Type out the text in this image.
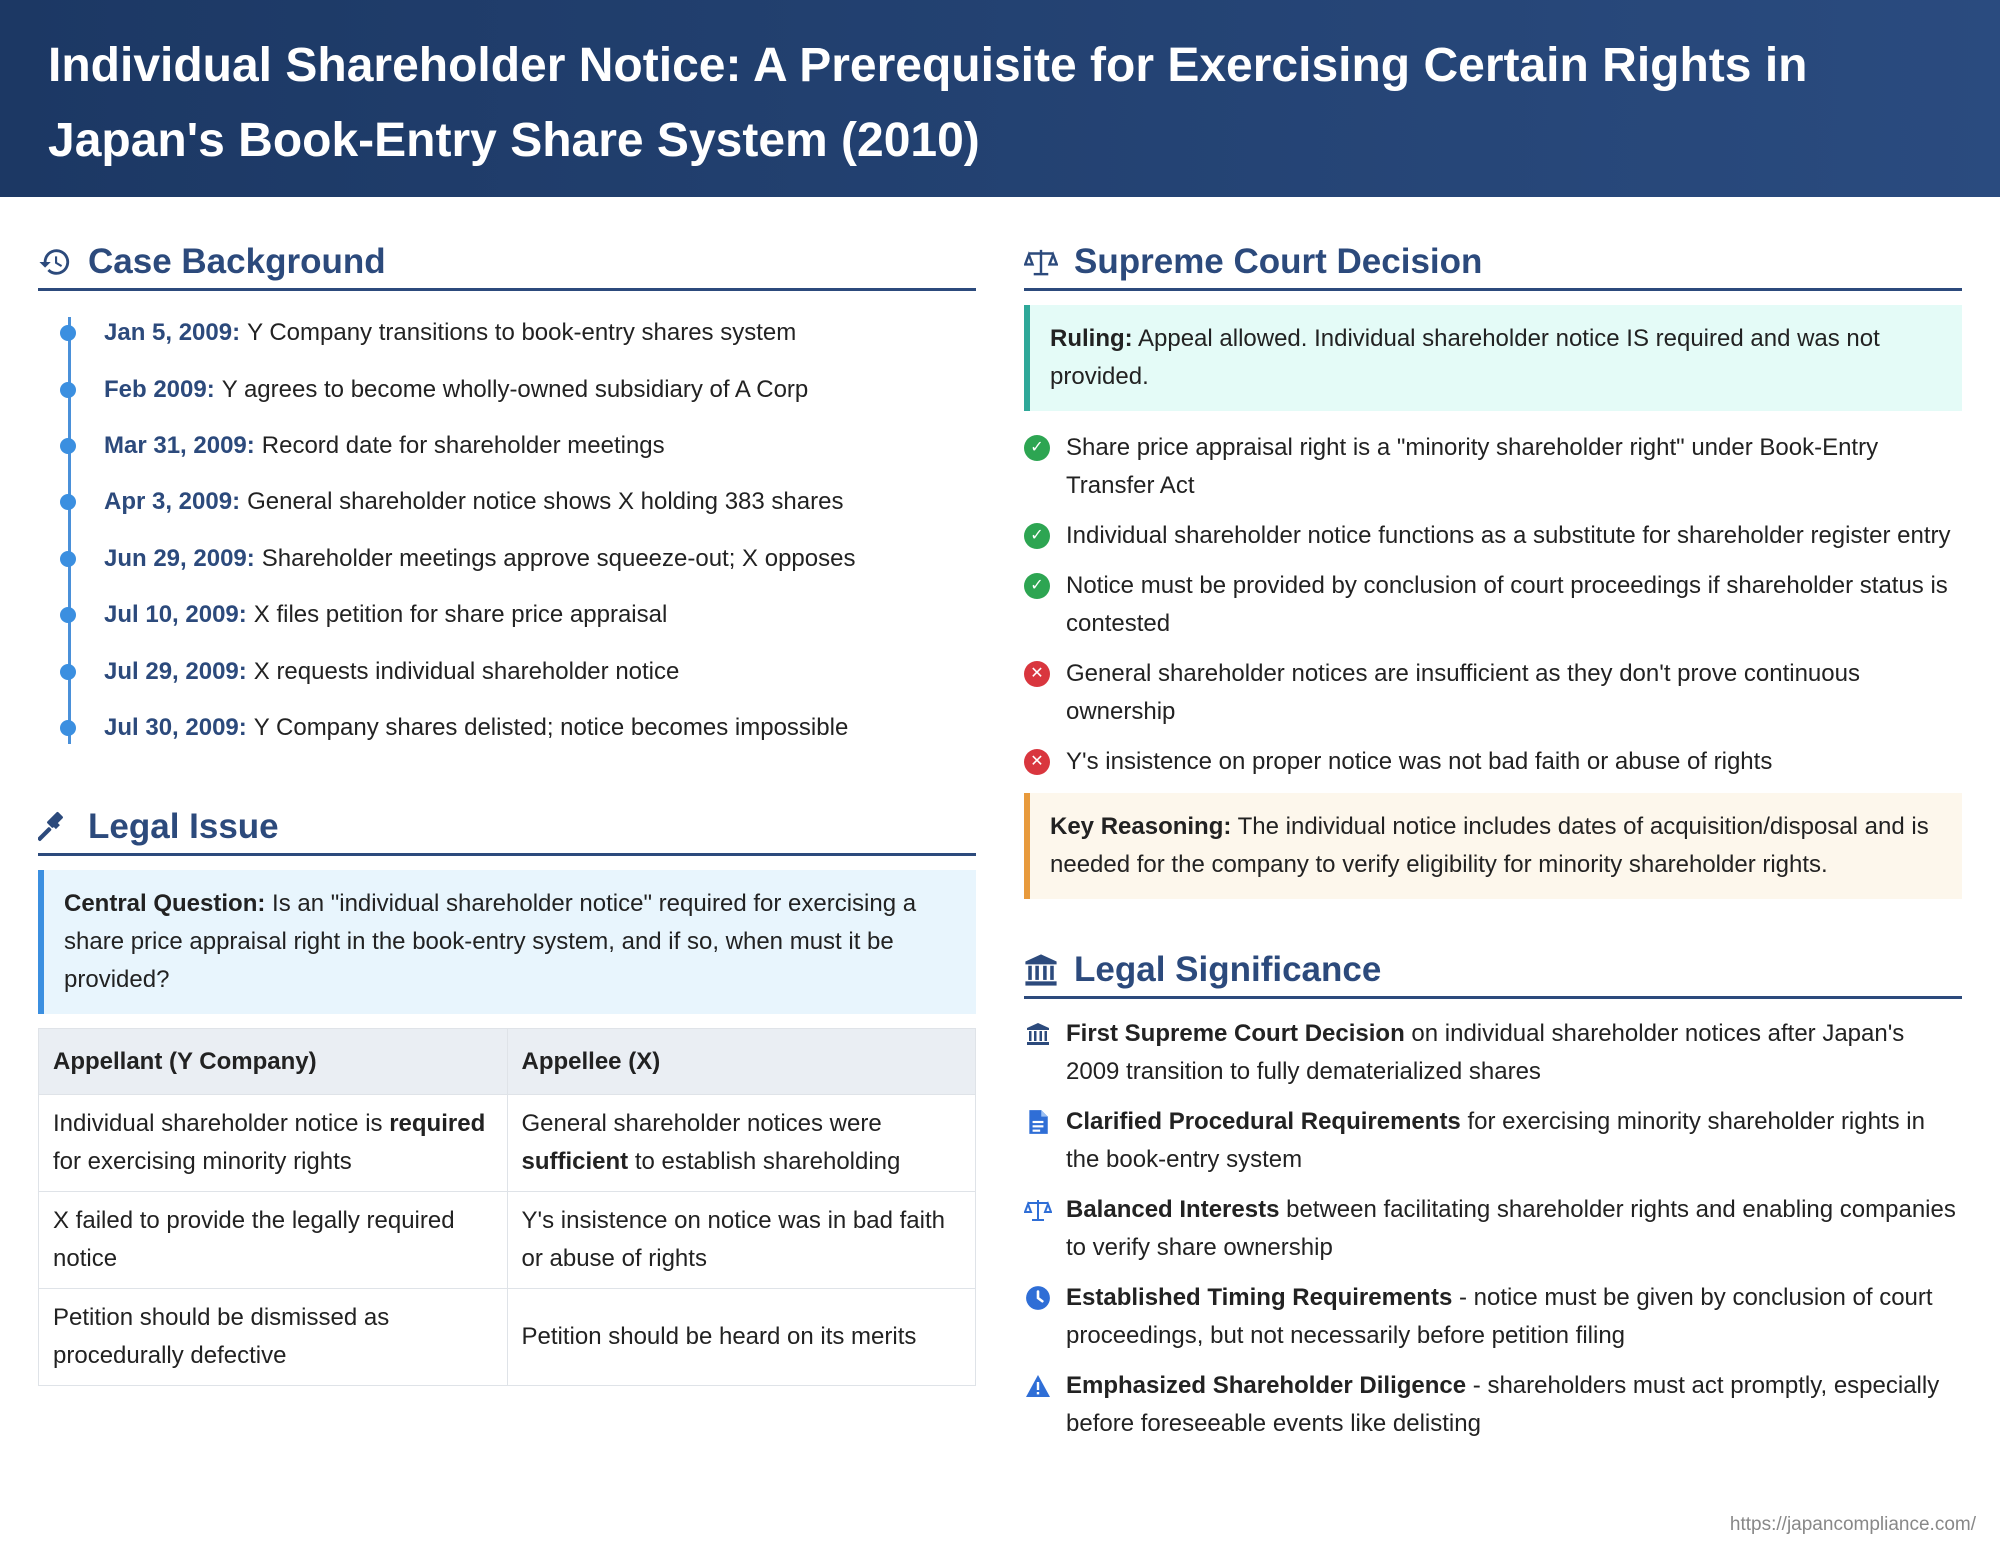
Individual Shareholder Notice: A Prerequisite for Exercising Certain Rights in Japan's Book-Entry Share System (2010)
Case Background
Jan 5, 2009: Y Company transitions to book-entry shares system
Feb 2009: Y agrees to become wholly-owned subsidiary of A Corp
Mar 31, 2009: Record date for shareholder meetings
Apr 3, 2009: General shareholder notice shows X holding 383 shares
Jun 29, 2009: Shareholder meetings approve squeeze-out; X opposes
Jul 10, 2009: X files petition for share price appraisal
Jul 29, 2009: X requests individual shareholder notice
Jul 30, 2009: Y Company shares delisted; notice becomes impossible
Legal Issue
Central Question: Is an "individual shareholder notice" required for exercising a share price appraisal right in the book-entry system, and if so, when must it be provided?
Appellant (Y Company)	Appellee (X)
Individual shareholder notice is required for exercising minority rights	General shareholder notices were sufficient to establish shareholding
X failed to provide the legally required notice	Y's insistence on notice was in bad faith or abuse of rights
Petition should be dismissed as procedurally defective	Petition should be heard on its merits
Supreme Court Decision
Ruling: Appeal allowed. Individual shareholder notice IS required and was not provided.
✓ Share price appraisal right is a "minority shareholder right" under Book-Entry Transfer Act
✓ Individual shareholder notice functions as a substitute for shareholder register entry
✓ Notice must be provided by conclusion of court proceedings if shareholder status is contested
✕ General shareholder notices are insufficient as they don't prove continuous ownership
✕ Y's insistence on proper notice was not bad faith or abuse of rights
Key Reasoning: The individual notice includes dates of acquisition/disposal and is needed for the company to verify eligibility for minority shareholder rights.
Legal Significance
First Supreme Court Decision on individual shareholder notices after Japan's 2009 transition to fully dematerialized shares
Clarified Procedural Requirements for exercising minority shareholder rights in the book-entry system
Balanced Interests between facilitating shareholder rights and enabling companies to verify share ownership
Established Timing Requirements - notice must be given by conclusion of court proceedings, but not necessarily before petition filing
Emphasized Shareholder Diligence - shareholders must act promptly, especially before foreseeable events like delisting
https://japancompliance.com/
